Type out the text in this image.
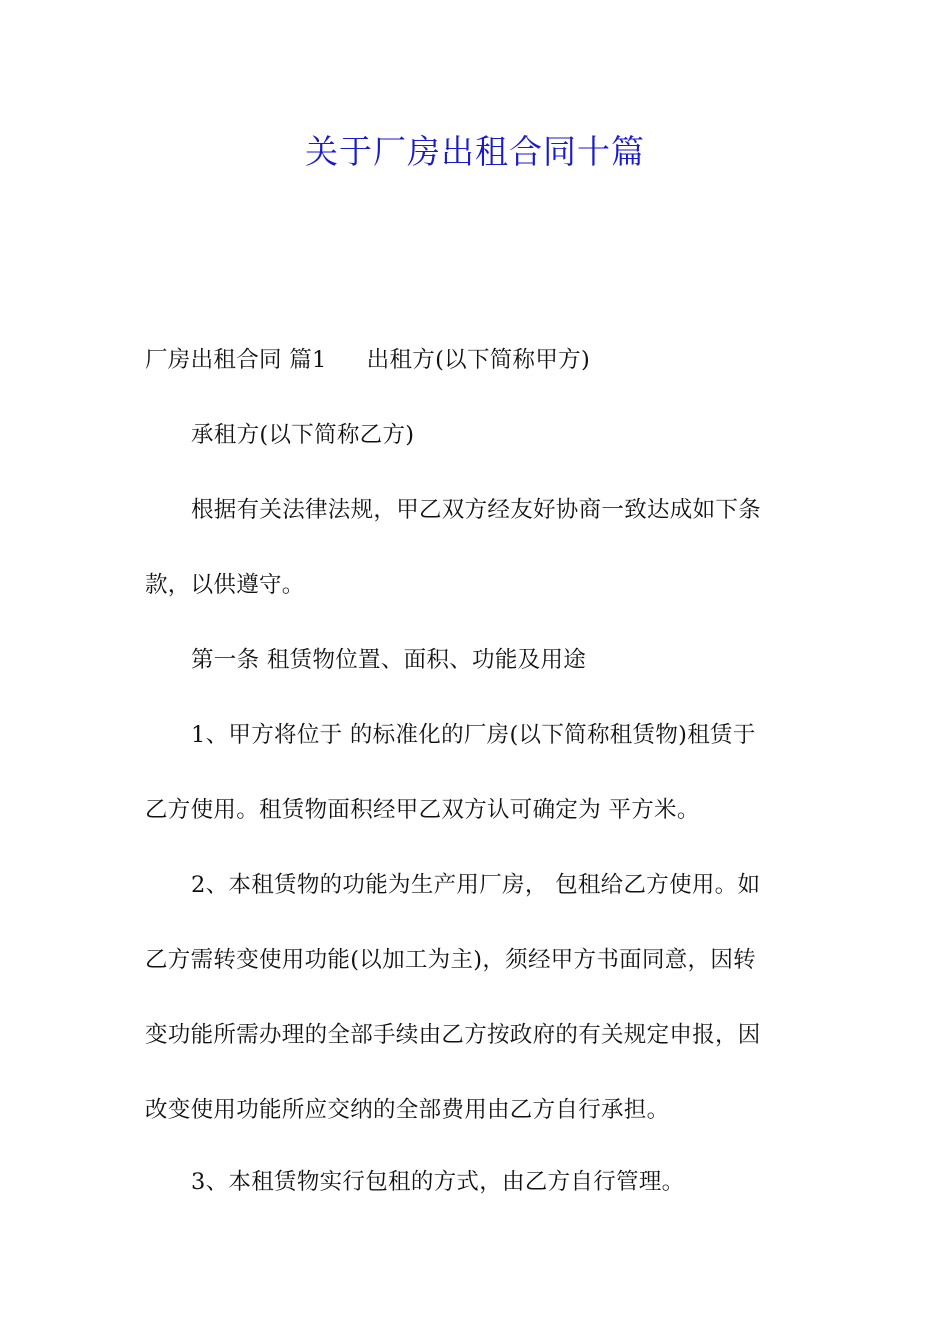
关于厂房出租合同十篇
厂房出租合同 篇1 出租方(以下简称甲方)
承租方(以下简称乙方)
根据有关法律法规，甲乙双方经友好协商一致达成如下条
款，以供遵守。
第一条 租赁物位置、面积、功能及用途
1、甲方将位于 的标准化的厂房(以下简称租赁物)租赁于
乙方使用。租赁物面积经甲乙双方认可确定为 平方米。
2、本租赁物的功能为生产用厂房， 包租给乙方使用。如
乙方需转变使用功能(以加工为主)，须经甲方书面同意，因转
变功能所需办理的全部手续由乙方按政府的有关规定申报，因
改变使用功能所应交纳的全部费用由乙方自行承担。
3、本租赁物实行包租的方式，由乙方自行管理。
